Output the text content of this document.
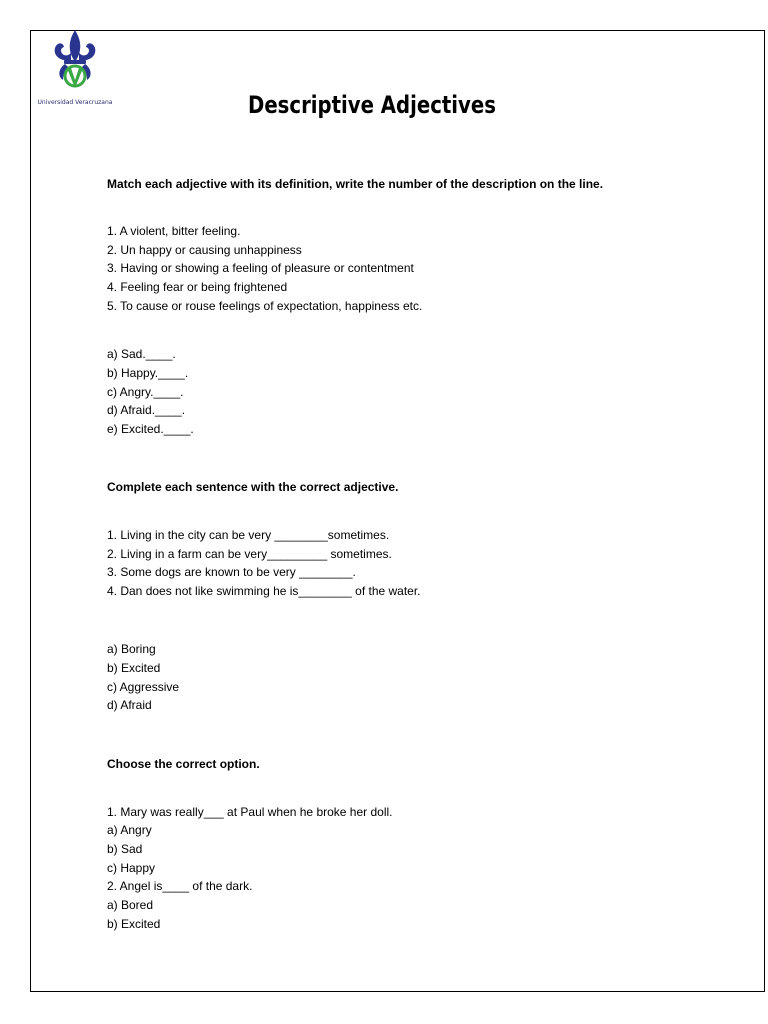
Universidad Veracruzana	Descriptive Adjectives
Match each adjective with its definition, write the number of the description on the line.
1. A violent, bitter feeling.
2. Un happy or causing unhappiness
3. Having or showing a feeling of pleasure or contentment
4. Feeling fear or being frightened
5. To cause or rouse feelings of expectation, happiness etc.
a) Sad.____.
b) Happy.____.
c) Angry.____.
d) Afraid.____.
e) Excited.____.
Complete each sentence with the correct adjective.
1. Living in the city can be very ________sometimes.
2. Living in a farm can be very_________ sometimes.
3. Some dogs are known to be very ________.
4. Dan does not like swimming he is________ of the water.
a) Boring
b) Excited
c) Aggressive
d) Afraid
Choose the correct option.
1. Mary was really___ at Paul when he broke her doll.
a) Angry
b) Sad
c) Happy
2. Angel is____ of the dark.
a) Bored
b) Excited
